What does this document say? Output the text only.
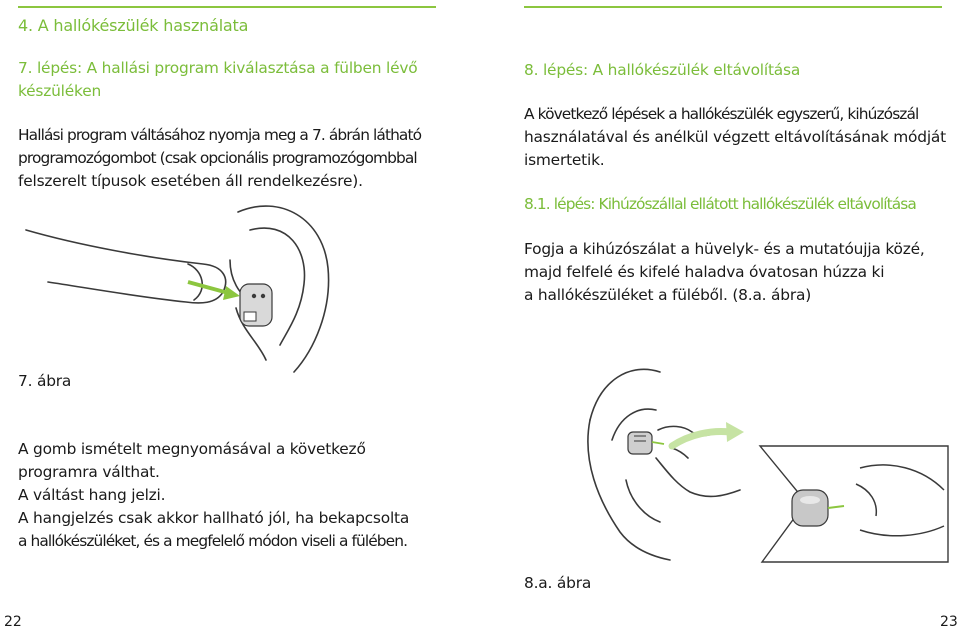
4. A hallókészülék használata

7. lépés: A hallási program kiválasztása a fülben lévő

készüléken

Hallási program váltásához nyomja meg a 7. ábrán látható

programozógombot (csak opcionális programozógombbal

felszerelt típusok esetében áll rendelkezésre).

7. ábra

A gomb ismételt megnyomásával a következő

programra válthat.

A váltást hang jelzi.

A hangjelzés csak akkor hallható jól, ha bekapcsolta

a hallókészüléket, és a megfelelő módon viseli a fülében.

8. lépés: A hallókészülék eltávolítása

A következő lépések a hallókészülék egyszerű, kihúzószál

használatával és anélkül végzett eltávolításának módját

ismertetik.

8.1. lépés: Kihúzószállal ellátott hallókészülék eltávolítása

Fogja a kihúzószálat a hüvelyk- és a mutatóujja közé,

majd felfelé és kifelé haladva óvatosan húzza ki

a hallókészüléket a füléből. (8.a. ábra)

8.a. ábra

22	23
